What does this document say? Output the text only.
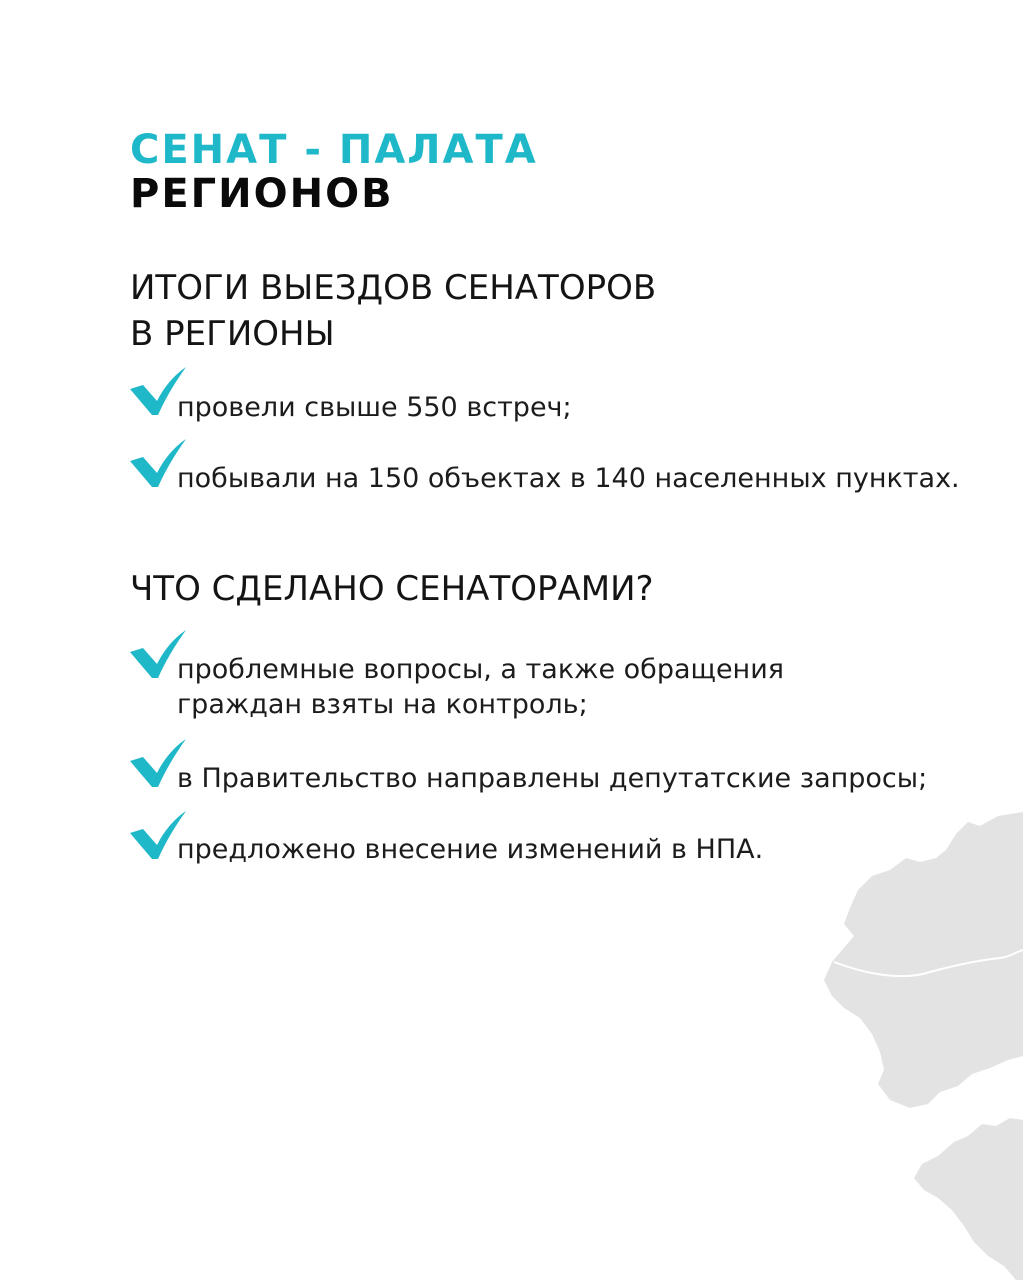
СЕНАТ - ПАЛАТА
РЕГИОНОВ
ИТОГИ ВЫЕЗДОВ СЕНАТОРОВ
В РЕГИОНЫ
провели свыше 550 встреч;
побывали на 150 объектах в 140 населенных пунктах.
ЧТО СДЕЛАНО СЕНАТОРАМИ?
проблемные вопросы, а также обращения
граждан взяты на контроль;
в Правительство направлены депутатские запросы;
предложено внесение изменений в НПА.
